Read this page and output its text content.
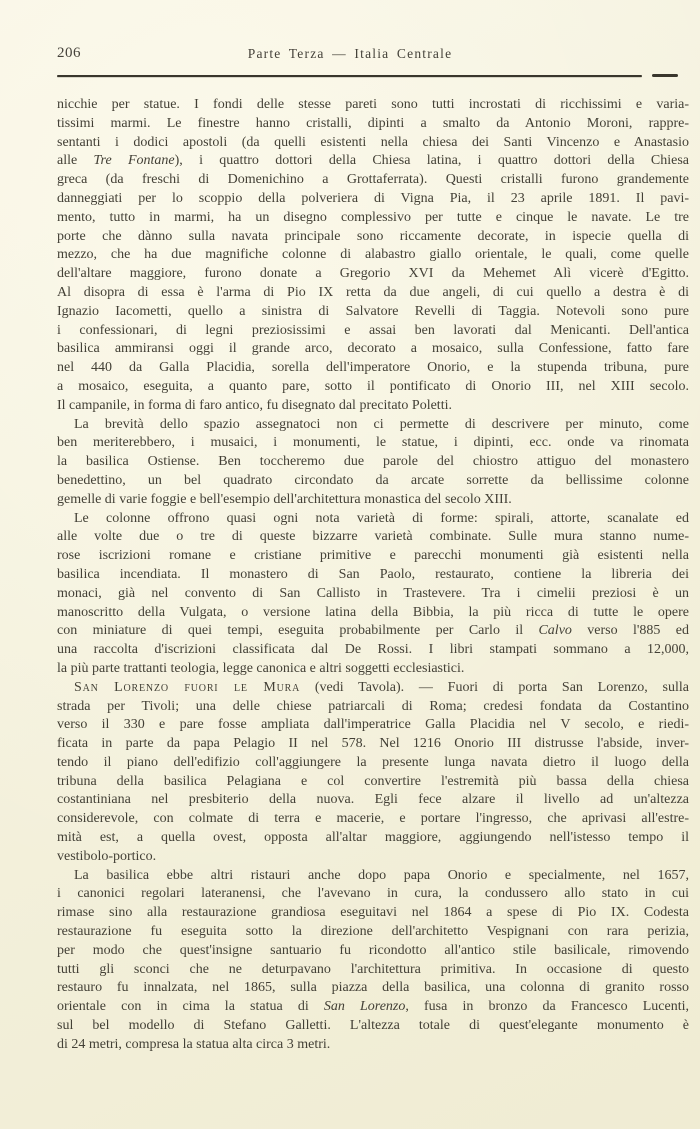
206	Parte Terza — Italia Centrale
nicchie per statue. I fondi delle stesse pareti sono tutti incrostati di ricchissimi e varia-
tissimi marmi. Le finestre hanno cristalli, dipinti a smalto da Antonio Moroni, rappre-
sentanti i dodici apostoli (da quelli esistenti nella chiesa dei Santi Vincenzo e Anastasio
alle Tre Fontane), i quattro dottori della Chiesa latina, i quattro dottori della Chiesa
greca (da freschi di Domenichino a Grottaferrata). Questi cristalli furono grandemente
danneggiati per lo scoppio della polveriera di Vigna Pia, il 23 aprile 1891. Il pavi-
mento, tutto in marmi, ha un disegno complessivo per tutte e cinque le navate. Le tre
porte che dànno sulla navata principale sono riccamente decorate, in ispecie quella di
mezzo, che ha due magnifiche colonne di alabastro giallo orientale, le quali, come quelle
dell'altare maggiore, furono donate a Gregorio XVI da Mehemet Alì vicerè d'Egitto.
Al disopra di essa è l'arma di Pio IX retta da due angeli, di cui quello a destra è di
Ignazio Iacometti, quello a sinistra di Salvatore Revelli di Taggia. Notevoli sono pure
i confessionari, di legni preziosissimi e assai ben lavorati dal Menicanti. Dell'antica
basilica ammiransi oggi il grande arco, decorato a mosaico, sulla Confessione, fatto fare
nel 440 da Galla Placidia, sorella dell'imperatore Onorio, e la stupenda tribuna, pure
a mosaico, eseguita, a quanto pare, sotto il pontificato di Onorio III, nel XIII secolo.
Il campanile, in forma di faro antico, fu disegnato dal precitato Poletti.
La brevità dello spazio assegnatoci non ci permette di descrivere per minuto, come
ben meriterebbero, i musaici, i monumenti, le statue, i dipinti, ecc. onde va rinomata
la basilica Ostiense. Ben toccheremo due parole del chiostro attiguo del monastero
benedettino, un bel quadrato circondato da arcate sorrette da bellissime colonne
gemelle di varie foggie e bell'esempio dell'architettura monastica del secolo XIII.
Le colonne offrono quasi ogni nota varietà di forme: spirali, attorte, scanalate ed
alle volte due o tre di queste bizzarre varietà combinate. Sulle mura stanno nume-
rose iscrizioni romane e cristiane primitive e parecchi monumenti già esistenti nella
basilica incendiata. Il monastero di San Paolo, restaurato, contiene la libreria dei
monaci, già nel convento di San Callisto in Trastevere. Tra i cimelii preziosi è un
manoscritto della Vulgata, o versione latina della Bibbia, la più ricca di tutte le opere
con miniature di quei tempi, eseguita probabilmente per Carlo il Calvo verso l'885 ed
una raccolta d'iscrizioni classificata dal De Rossi. I libri stampati sommano a 12,000,
la più parte trattanti teologia, legge canonica e altri soggetti ecclesiastici.
San Lorenzo fuori le Mura (vedi Tavola). — Fuori di porta San Lorenzo, sulla
strada per Tivoli; una delle chiese patriarcali di Roma; credesi fondata da Costantino
verso il 330 e pare fosse ampliata dall'imperatrice Galla Placidia nel V secolo, e riedi-
ficata in parte da papa Pelagio II nel 578. Nel 1216 Onorio III distrusse l'abside, inver-
tendo il piano dell'edifizio coll'aggiungere la presente lunga navata dietro il luogo della
tribuna della basilica Pelagiana e col convertire l'estremità più bassa della chiesa
costantiniana nel presbiterio della nuova. Egli fece alzare il livello ad un'altezza
considerevole, con colmate di terra e macerie, e portare l'ingresso, che aprivasi all'estre-
mità est, a quella ovest, opposta all'altar maggiore, aggiungendo nell'istesso tempo il
vestibolo-portico.
La basilica ebbe altri ristauri anche dopo papa Onorio e specialmente, nel 1657,
i canonici regolari lateranensi, che l'avevano in cura, la condussero allo stato in cui
rimase sino alla restaurazione grandiosa eseguitavi nel 1864 a spese di Pio IX. Codesta
restaurazione fu eseguita sotto la direzione dell'architetto Vespignani con rara perizia,
per modo che quest'insigne santuario fu ricondotto all'antico stile basilicale, rimovendo
tutti gli sconci che ne deturpavano l'architettura primitiva. In occasione di questo
restauro fu innalzata, nel 1865, sulla piazza della basilica, una colonna di granito rosso
orientale con in cima la statua di San Lorenzo, fusa in bronzo da Francesco Lucenti,
sul bel modello di Stefano Galletti. L'altezza totale di quest'elegante monumento è
di 24 metri, compresa la statua alta circa 3 metri.
